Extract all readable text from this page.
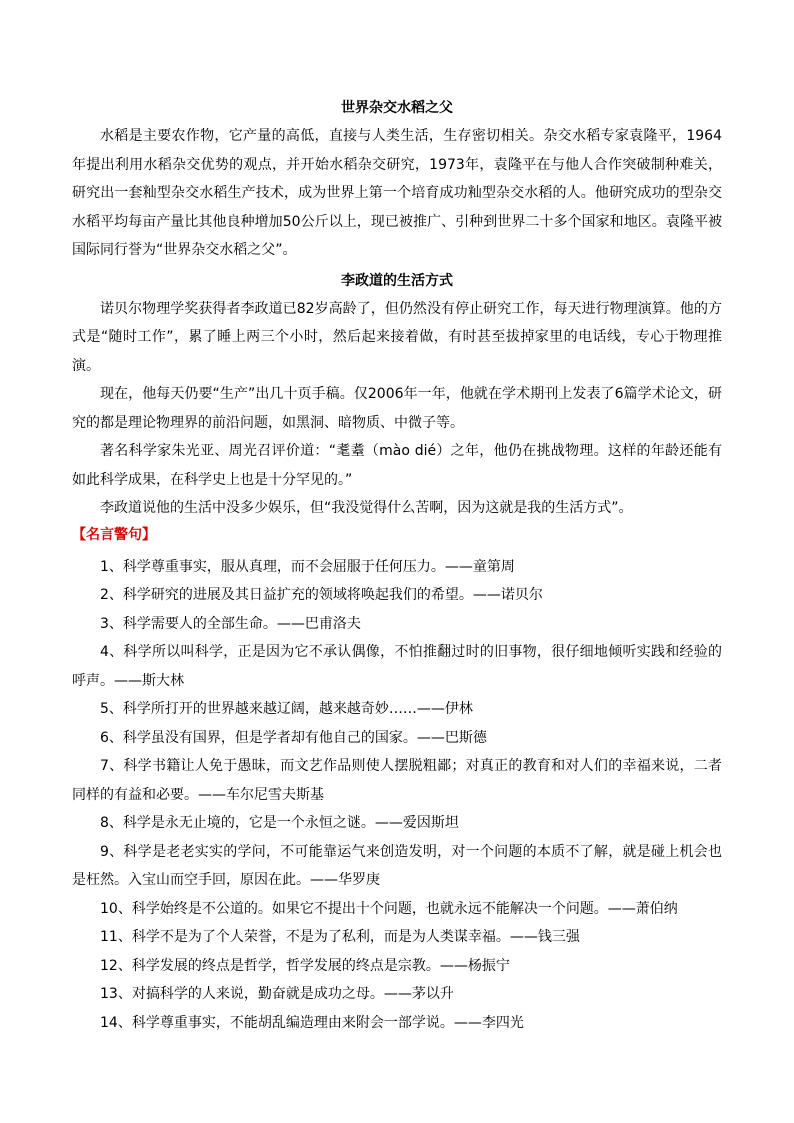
世界杂交水稻之父

水稻是主要农作物，它产量的高低，直接与人类生活，生存密切相关。杂交水稻专家袁隆平，1964年提出利用水稻杂交优势的观点，并开始水稻杂交研究，1973年，袁隆平在与他人合作突破制种难关，研究出一套籼型杂交水稻生产技术，成为世界上第一个培育成功籼型杂交水稻的人。他研究成功的型杂交水稻平均每亩产量比其他良种增加50公斤以上，现已被推广、引种到世界二十多个国家和地区。袁隆平被国际同行誉为“世界杂交水稻之父”。

李政道的生活方式

诺贝尔物理学奖获得者李政道已82岁高龄了，但仍然没有停止研究工作，每天进行物理演算。他的方式是“随时工作”，累了睡上两三个小时，然后起来接着做，有时甚至拔掉家里的电话线，专心于物理推演。

现在，他每天仍要“生产”出几十页手稿。仅2006年一年，他就在学术期刊上发表了6篇学术论文，研究的都是理论物理界的前沿问题，如黑洞、暗物质、中微子等。

著名科学家朱光亚、周光召评价道：“耄耋（mào dié）之年，他仍在挑战物理。这样的年龄还能有如此科学成果，在科学史上也是十分罕见的。”

李政道说他的生活中没多少娱乐，但“我没觉得什么苦啊，因为这就是我的生活方式”。

【名言警句】

1、科学尊重事实，服从真理，而不会屈服于任何压力。——童第周

2、科学研究的进展及其日益扩充的领域将唤起我们的希望。——诺贝尔

3、科学需要人的全部生命。——巴甫洛夫

4、科学所以叫科学，正是因为它不承认偶像，不怕推翻过时的旧事物，很仔细地倾听实践和经验的呼声。——斯大林

5、科学所打开的世界越来越辽阔，越来越奇妙……——伊林

6、科学虽没有国界，但是学者却有他自己的国家。——巴斯德

7、科学书籍让人免于愚昧，而文艺作品则使人摆脱粗鄙；对真正的教育和对人们的幸福来说，二者同样的有益和必要。——车尔尼雪夫斯基

8、科学是永无止境的，它是一个永恒之谜。——爱因斯坦

9、科学是老老实实的学问，不可能靠运气来创造发明，对一个问题的本质不了解，就是碰上机会也是枉然。入宝山而空手回，原因在此。——华罗庚

10、科学始终是不公道的。如果它不提出十个问题，也就永远不能解决一个问题。——萧伯纳

11、科学不是为了个人荣誉，不是为了私利，而是为人类谋幸福。——钱三强

12、科学发展的终点是哲学，哲学发展的终点是宗教。——杨振宁

13、对搞科学的人来说，勤奋就是成功之母。——茅以升

14、科学尊重事实，不能胡乱编造理由来附会一部学说。——李四光
